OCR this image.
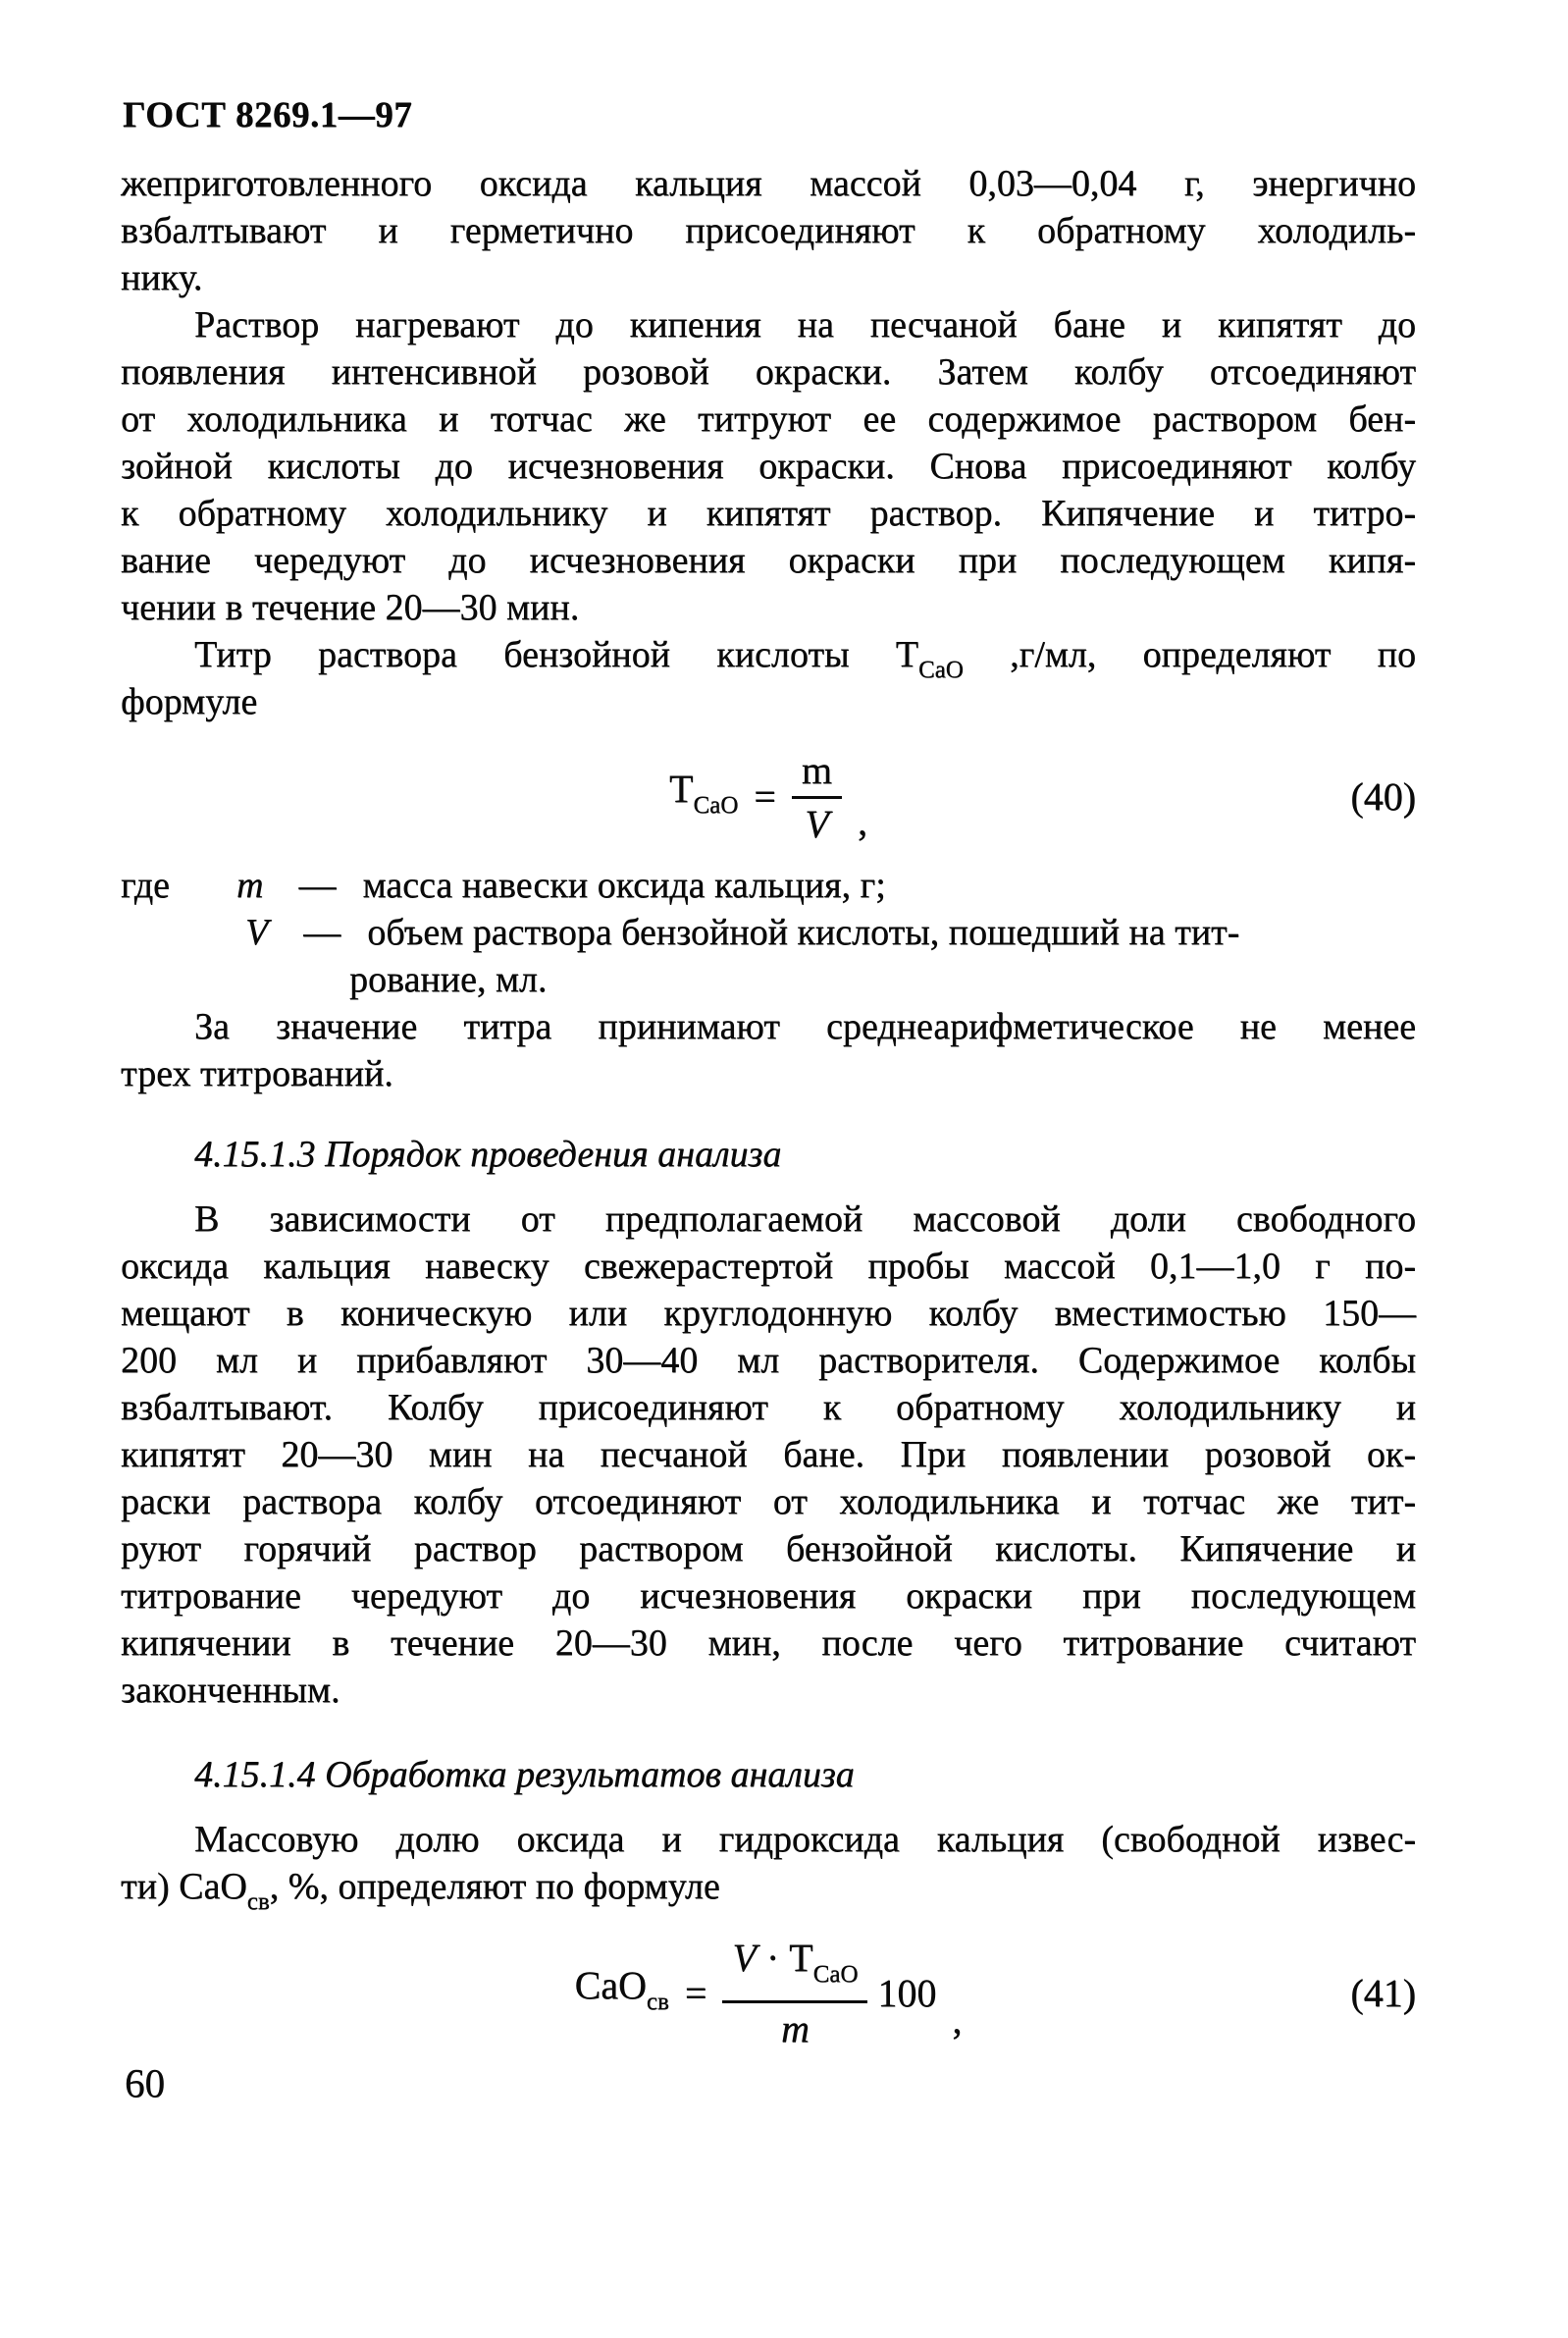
ГОСТ 8269.1—97
жеприготовленного оксида кальция массой 0,03—0,04 г, энергично
взбалтывают и герметично присоединяют к обратному холодиль-
нику.
Раствор нагревают до кипения на песчаной бане и кипятят до
появления интенсивной розовой окраски. Затем колбу отсоединяют
от холодильника и тотчас же титруют ее содержимое раствором бен-
зойной кислоты до исчезновения окраски. Снова присоединяют колбу
к обратному холодильнику и кипятят раствор. Кипячение и титро-
вание чередуют до исчезновения окраски при последующем кипя-
чении в течение 20—30 мин.
Титр раствора бензойной кислоты $Т_{СаО}$ ,г/мл, определяют по
формуле
$Т_{СаО} = \frac{m}{V}$ ,
(40)
где m — масса навески оксида кальция, г;
V — объем раствора бензойной кислоты, пошедший на тит-
рование, мл.
За значение титра принимают среднеарифметическое не менее
трех титрований.
4.15.1.3 Порядок проведения анализа
В зависимости от предполагаемой массовой доли свободного
оксида кальция навеску свежерастертой пробы массой 0,1—1,0 г по-
мещают в коническую или круглодонную колбу вместимостью 150—
200 мл и прибавляют 30—40 мл растворителя. Содержимое колбы
взбалтывают. Колбу присоединяют к обратному холодильнику и
кипятят 20—30 мин на песчаной бане. При появлении розовой ок-
раски раствора колбу отсоединяют от холодильника и тотчас же тит-
руют горячий раствор раствором бензойной кислоты. Кипячение и
титрование чередуют до исчезновения окраски при последующем
кипячении в течение 20—30 мин, после чего титрование считают
законченным.
4.15.1.4 Обработка результатов анализа
Массовую долю оксида и гидроксида кальция (свободной извес-
ти) CaO$_{св}$, %, определяют по формуле
$CaO_{св} = \frac{V \cdot Т_{СаО}}{m} 100$
,
(41)
60
